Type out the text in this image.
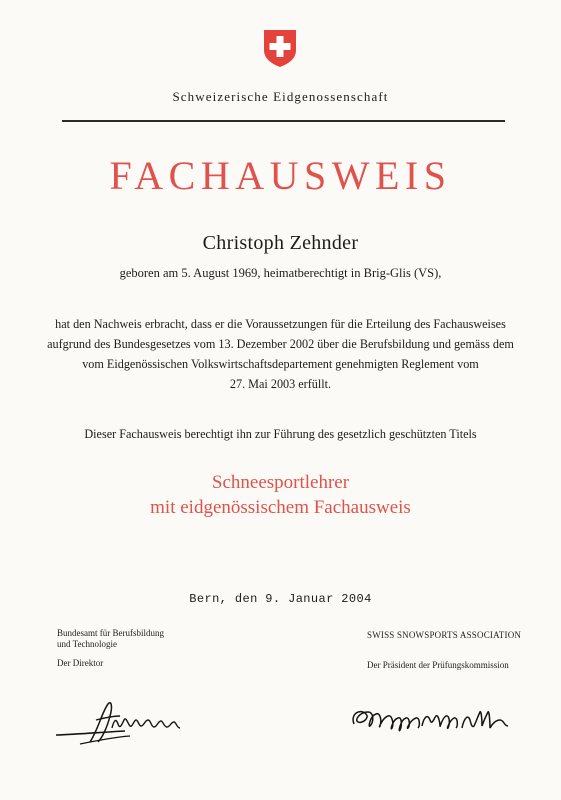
Schweizerische Eidgenossenschaft
FACHAUSWEIS
Christoph Zehnder
geboren am 5. August 1969, heimatberechtigt in Brig-Glis (VS),
hat den Nachweis erbracht, dass er die Voraussetzungen für die Erteilung des Fachausweises
aufgrund des Bundesgesetzes vom 13. Dezember 2002 über die Berufsbildung und gemäss dem
vom Eidgenössischen Volkswirtschaftsdepartement genehmigten Reglement vom
27. Mai 2003 erfüllt.
Dieser Fachausweis berechtigt ihn zur Führung des gesetzlich geschützten Titels
Schneesportlehrer
mit eidgenössischem Fachausweis
Bern, den 9. Januar 2004
Bundesamt für Berufsbildung
und Technologie
Der Direktor
SWISS SNOWSPORTS ASSOCIATION
Der Präsident der Prüfungskommission
